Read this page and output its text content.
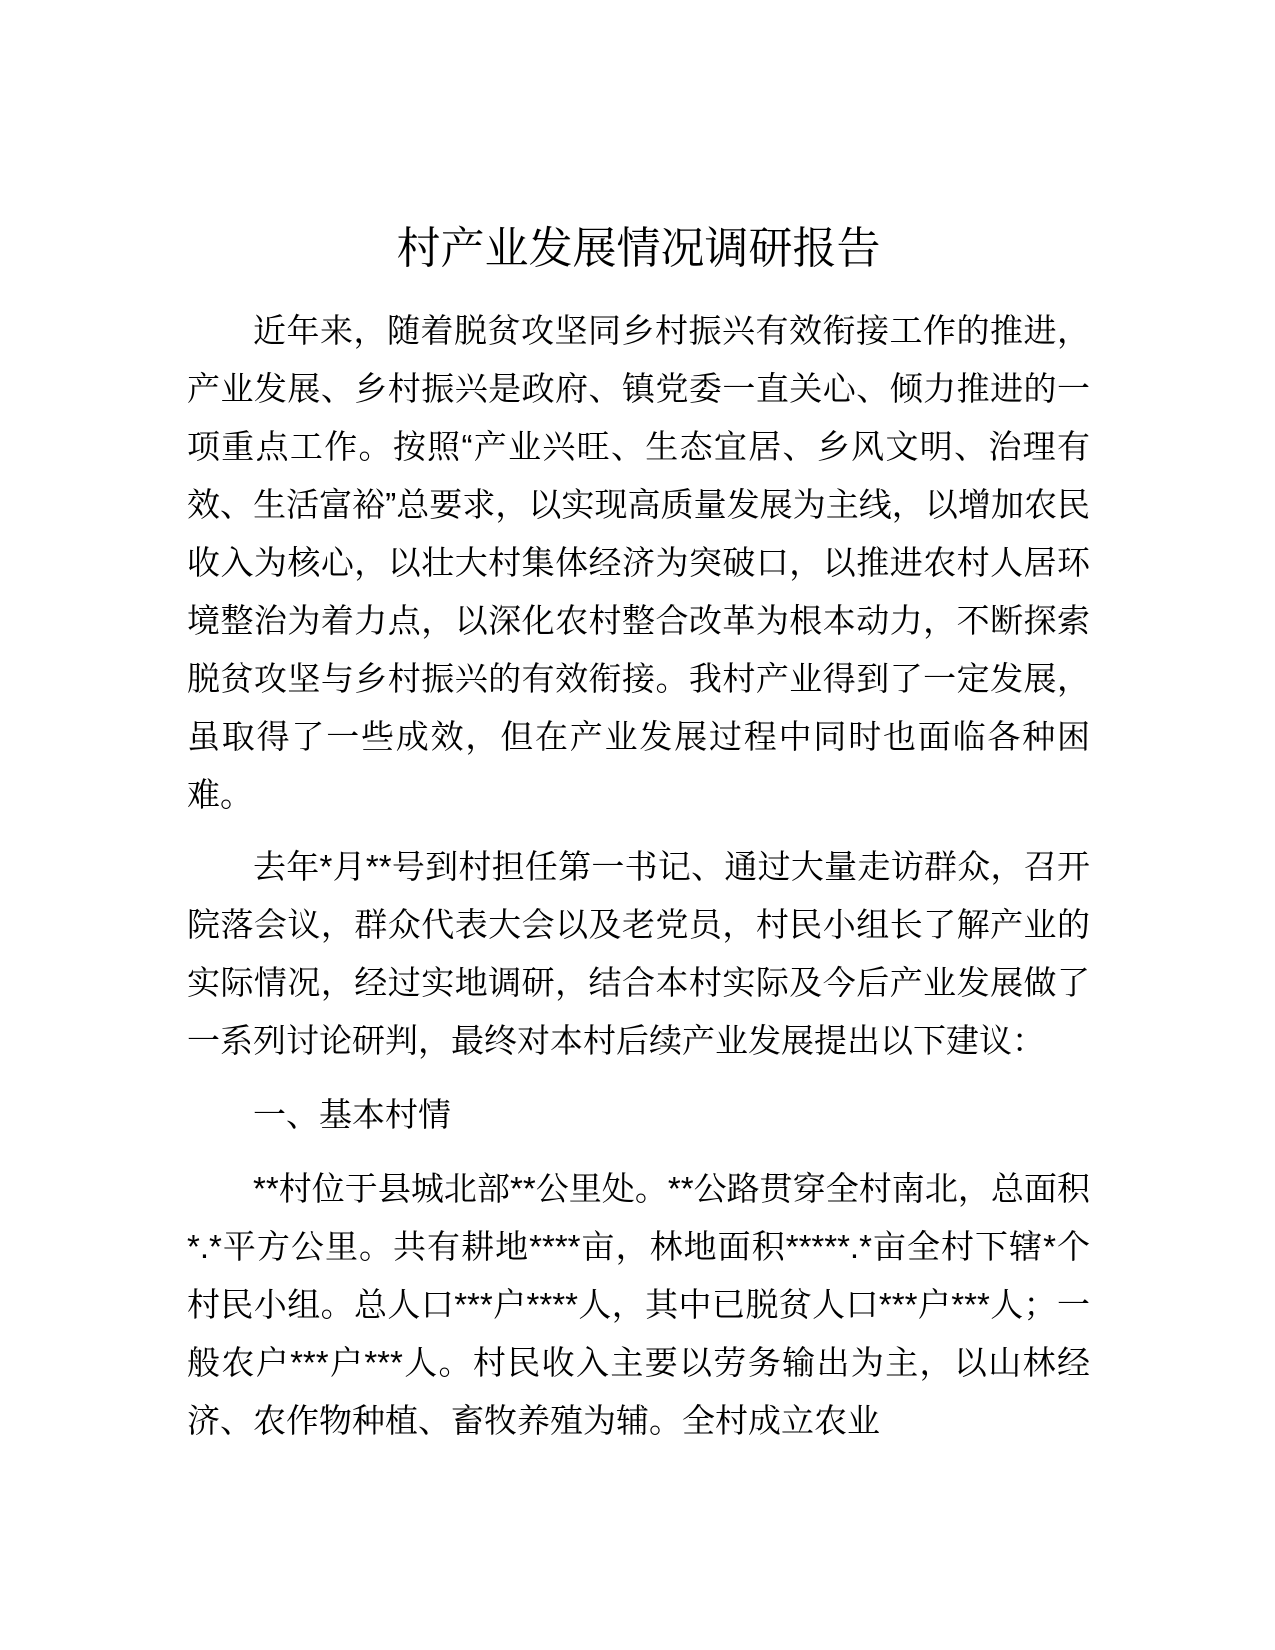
村产业发展情况调研报告

近年来，随着脱贫攻坚同乡村振兴有效衔接工作的推进，产业发展、乡村振兴是政府、镇党委一直关心、倾力推进的一项重点工作。按照“产业兴旺、生态宜居、乡风文明、治理有效、生活富裕”总要求，以实现高质量发展为主线，以增加农民收入为核心，以壮大村集体经济为突破口，以推进农村人居环境整治为着力点，以深化农村整合改革为根本动力，不断探索脱贫攻坚与乡村振兴的有效衔接。我村产业得到了一定发展，虽取得了一些成效，但在产业发展过程中同时也面临各种困难。

去年*月**号到村担任第一书记、通过大量走访群众，召开院落会议，群众代表大会以及老党员，村民小组长了解产业的实际情况，经过实地调研，结合本村实际及今后产业发展做了一系列讨论研判，最终对本村后续产业发展提出以下建议：

一、基本村情

**村位于县城北部**公里处。**公路贯穿全村南北，总面积*.*平方公里。共有耕地****亩，林地面积*****.*亩全村下辖*个村民小组。总人口***户****人，其中已脱贫人口***户***人；一般农户***户***人。村民收入主要以劳务输出为主，以山林经济、农作物种植、畜牧养殖为辅。全村成立农业
